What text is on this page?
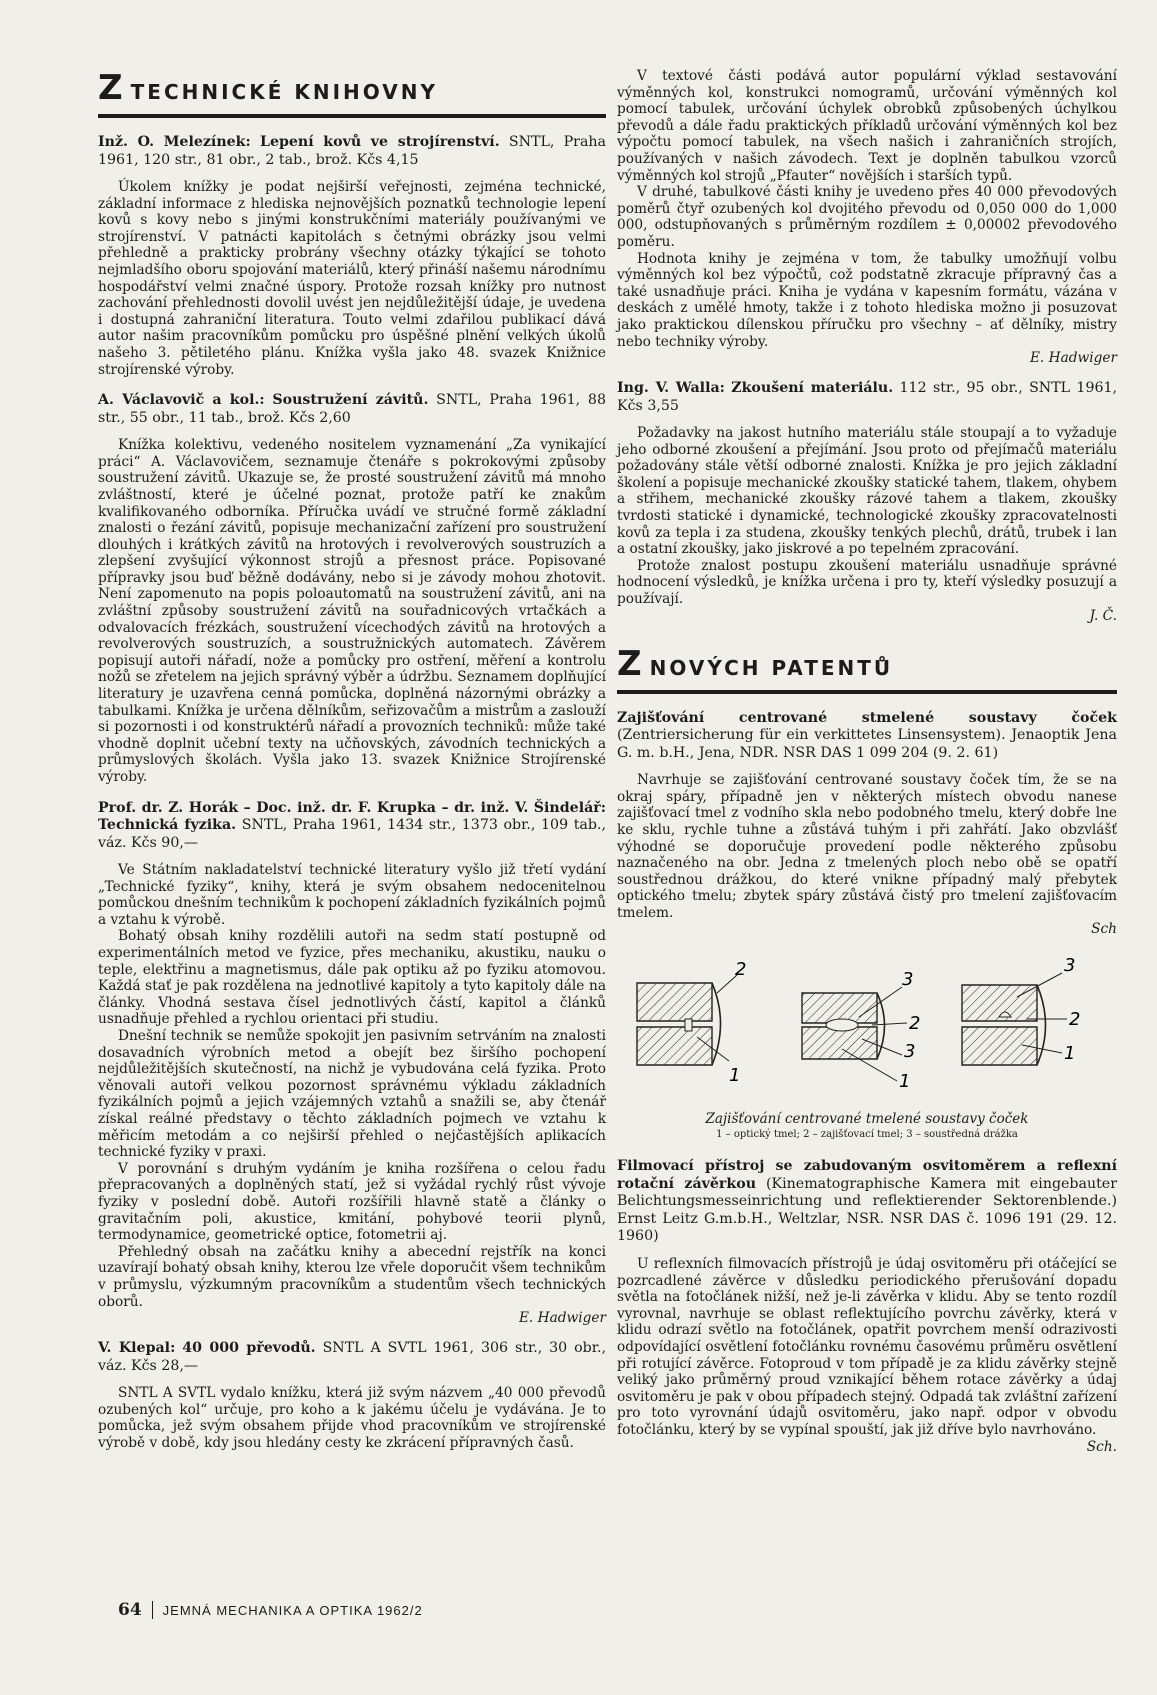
ZTECHNICKÉ KNIHOVNY

Inž. O. Melezínek: Lepení kovů ve strojírenství. SNTL, Praha 1961, 120 str., 81 obr., 2 tab., brož. Kčs 4,15

Úkolem knížky je podat nejširší veřejnosti, zejména technické, základní informace z hlediska nejnovějších poznatků technologie lepení kovů s kovy nebo s jinými konstrukčními materiály používanými ve strojírenství. V patnácti kapitolách s četnými obrázky jsou velmi přehledně a prakticky probrány všechny otázky týkající se tohoto nejmladšího oboru spojování materiálů, který přináší našemu národnímu hospodářství velmi značné úspory. Protože rozsah knížky pro nutnost zachování přehlednosti dovolil uvést jen nejdůležitější údaje, je uvedena i dostupná zahraniční literatura. Touto velmi zdařilou publikací dává autor našim pracovníkům pomůcku pro úspěšné plnění velkých úkolů našeho 3. pětiletého plánu. Knížka vyšla jako 48. svazek Knižnice strojírenské výroby.

A. Václavovič a kol.: Soustružení závitů. SNTL, Praha 1961, 88 str., 55 obr., 11 tab., brož. Kčs 2,60

Knížka kolektivu, vedeného nositelem vyznamenání „Za vynikající práci“ A. Václavovičem, seznamuje čtenáře s pokrokovými způsoby soustružení závitů. Ukazuje se, že prosté soustružení závitů má mnoho zvláštností, které je účelné poznat, protože patří ke znakům kvalifikovaného odborníka. Příručka uvádí ve stručné formě základní znalosti o řezání závitů, popisuje mechanizační zařízení pro soustružení dlouhých i krátkých závitů na hrotových i revolverových soustruzích a zlepšení zvyšující výkonnost strojů a přesnost práce. Popisované přípravky jsou buď běžně dodávány, nebo si je závody mohou zhotovit. Není zapomenuto na popis poloautomatů na soustružení závitů, ani na zvláštní způsoby soustružení závitů na souřadnicových vrtačkách a odvalovacích frézkách, soustružení vícechodých závitů na hrotových a revolverových soustruzích, a soustružnických automatech. Závěrem popisují autoři nářadí, nože a pomůcky pro ostření, měření a kontrolu nožů se zřetelem na jejich správný výběr a údržbu. Seznamem doplňující literatury je uzavřena cenná pomůcka, doplněná názornými obrázky a tabulkami. Knížka je určena dělníkům, seřizovačům a mistrům a zaslouží si pozornosti i od konstruktérů nářadí a provozních techniků: může také vhodně doplnit učební texty na učňovských, závodních technických a průmyslových školách. Vyšla jako 13. svazek Knižnice Strojírenské výroby.

Prof. dr. Z. Horák – Doc. inž. dr. F. Krupka – dr. inž. V. Šindelář: Technická fyzika. SNTL, Praha 1961, 1434 str., 1373 obr., 109 tab., váz. Kčs 90,—

Ve Státním nakladatelství technické literatury vyšlo již třetí vydání „Technické fyziky“, knihy, která je svým obsahem nedocenitelnou pomůckou dnešním technikům k pochopení základních fyzikálních pojmů a vztahu k výrobě.

Bohatý obsah knihy rozdělili autoři na sedm statí postupně od experimentálních metod ve fyzice, přes mechaniku, akustiku, nauku o teple, elektřinu a magnetismus, dále pak optiku až po fyziku atomovou. Každá stať je pak rozdělena na jednotlivé kapitoly a tyto kapitoly dále na články. Vhodná sestava čísel jednotlivých částí, kapitol a článků usnadňuje přehled a rychlou orientaci při studiu.

Dnešní technik se nemůže spokojit jen pasivním setrváním na znalosti dosavadních výrobních metod a obejít bez širšího pochopení nejdůležitějších skutečností, na nichž je vybudována celá fyzika. Proto věnovali autoři velkou pozornost správnému výkladu základních fyzikálních pojmů a jejich vzájemných vztahů a snažili se, aby čtenář získal reálné představy o těchto základních pojmech ve vztahu k měřicím metodám a co nejširší přehled o nejčastějších aplikacích technické fyziky v praxi.

V porovnání s druhým vydáním je kniha rozšířena o celou řadu přepracovaných a doplněných statí, jež si vyžádal rychlý růst vývoje fyziky v poslední době. Autoři rozšířili hlavně statě a články o gravitačním poli, akustice, kmitání, pohybové teorii plynů, termodynamice, geometrické optice, fotometrii aj.

Přehledný obsah na začátku knihy a abecední rejstřík na konci uzavírají bohatý obsah knihy, kterou lze vřele doporučit všem technikům v průmyslu, výzkumným pracovníkům a studentům všech technických oborů.

E. Hadwiger

V. Klepal: 40 000 převodů. SNTL A SVTL 1961, 306 str., 30 obr., váz. Kčs 28,—

SNTL A SVTL vydalo knížku, která již svým názvem „40 000 převodů ozubených kol“ určuje, pro koho a k jakému účelu je vydávána. Je to pomůcka, jež svým obsahem přijde vhod pracovníkům ve strojírenské výrobě v době, kdy jsou hledány cesty ke zkrácení přípravných časů.

V textové části podává autor populární výklad sestavování výměnných kol, konstrukci nomogramů, určování výměnných kol pomocí tabulek, určování úchylek obrobků způsobených úchylkou převodů a dále řadu praktických příkladů určování výměnných kol bez výpočtu pomocí tabulek, na všech našich i zahraničních strojích, používaných v našich závodech. Text je doplněn tabulkou vzorců výměnných kol strojů „Pfauter“ novějších i starších typů.

V druhé, tabulkové části knihy je uvedeno přes 40 000 převodových poměrů čtyř ozubených kol dvojitého převodu od 0,050 000 do 1,000 000, odstupňovaných s průměrným rozdílem ± 0,00002 převodového poměru.

Hodnota knihy je zejména v tom, že tabulky umožňují volbu výměnných kol bez výpočtů, což podstatně zkracuje přípravný čas a také usnadňuje práci. Kniha je vydána v kapesním formátu, vázána v deskách z umělé hmoty, takže i z tohoto hlediska možno ji posuzovat jako praktickou dílenskou příručku pro všechny – ať dělníky, mistry nebo techniky výroby.

E. Hadwiger

Ing. V. Walla: Zkoušení materiálu. 112 str., 95 obr., SNTL 1961, Kčs 3,55

Požadavky na jakost hutního materiálu stále stoupají a to vyžaduje jeho odborné zkoušení a přejímání. Jsou proto od přejímačů materiálu požadovány stále větší odborné znalosti. Knížka je pro jejich základní školení a popisuje mechanické zkoušky statické tahem, tlakem, ohybem a střihem, mechanické zkoušky rázové tahem a tlakem, zkoušky tvrdosti statické i dynamické, technologické zkoušky zpracovatelnosti kovů za tepla i za studena, zkoušky tenkých plechů, drátů, trubek i lan a ostatní zkoušky, jako jiskrové a po tepelném zpracování.

Protože znalost postupu zkoušení materiálu usnadňuje správné hodnocení výsledků, je knížka určena i pro ty, kteří výsledky posuzují a používají.

J. Č.

ZNOVÝCH PATENTŮ

Zajišťování centrované stmelené soustavy čoček (Zentriersicherung für ein verkittetes Linsensystem). Jenaoptik Jena G. m. b.H., Jena, NDR. NSR DAS 1 099 204 (9. 2. 61)

Navrhuje se zajišťování centrované soustavy čoček tím, že se na okraj spáry, případně jen v některých místech obvodu nanese zajišťovací tmel z vodního skla nebo podobného tmelu, který dobře lne ke sklu, rychle tuhne a zůstává tuhým i při zahřátí. Jako obzvlášť výhodné se doporučuje provedení podle některého způsobu naznačeného na obr. Jedna z tmelených ploch nebo obě se opatří soustřednou drážkou, do které vnikne případný malý přebytek optického tmelu; zbytek spáry zůstává čistý pro tmelení zajišťovacím tmelem.

Sch

2
1
3
2
3
1
3
2
1

Zajišťování centrované tmelené soustavy čoček

1 – optický tmel; 2 – zajišťovací tmel; 3 – soustředná drážka

Filmovací přístroj se zabudovaným osvitoměrem a reflexní rotační závěrkou (Kinematographische Kamera mit eingebauter Belichtungsmesseinrichtung und reflektierender Sektorenblende.) Ernst Leitz G.m.b.H., Weltzlar, NSR. NSR DAS č. 1096 191 (29. 12. 1960)

U reflexních filmovacích přístrojů je údaj osvitoměru při otáčející se pozrcadlené závěrce v důsledku periodického přerušování dopadu světla na fotočlánek nižší, než je-li závěrka v klidu. Aby se tento rozdíl vyrovnal, navrhuje se oblast reflektujícího povrchu závěrky, která v klidu odrazí světlo na fotočlánek, opatřit povrchem menší odrazivosti odpovídající osvětlení fotočlánku rovnému časovému průměru osvětlení při rotující závěrce. Fotoproud v tom případě je za klidu závěrky stejně veliký jako průměrný proud vznikající během rotace závěrky a údaj osvitoměru je pak v obou případech stejný. Odpadá tak zvláštní zařízení pro toto vyrovnání údajů osvitoměru, jako např. odpor v obvodu fotočlánku, který by se vypínal spouští, jak již dříve bylo navrhováno.

Sch.

64 JEMNÁ MECHANIKA A OPTIKA 1962/2
